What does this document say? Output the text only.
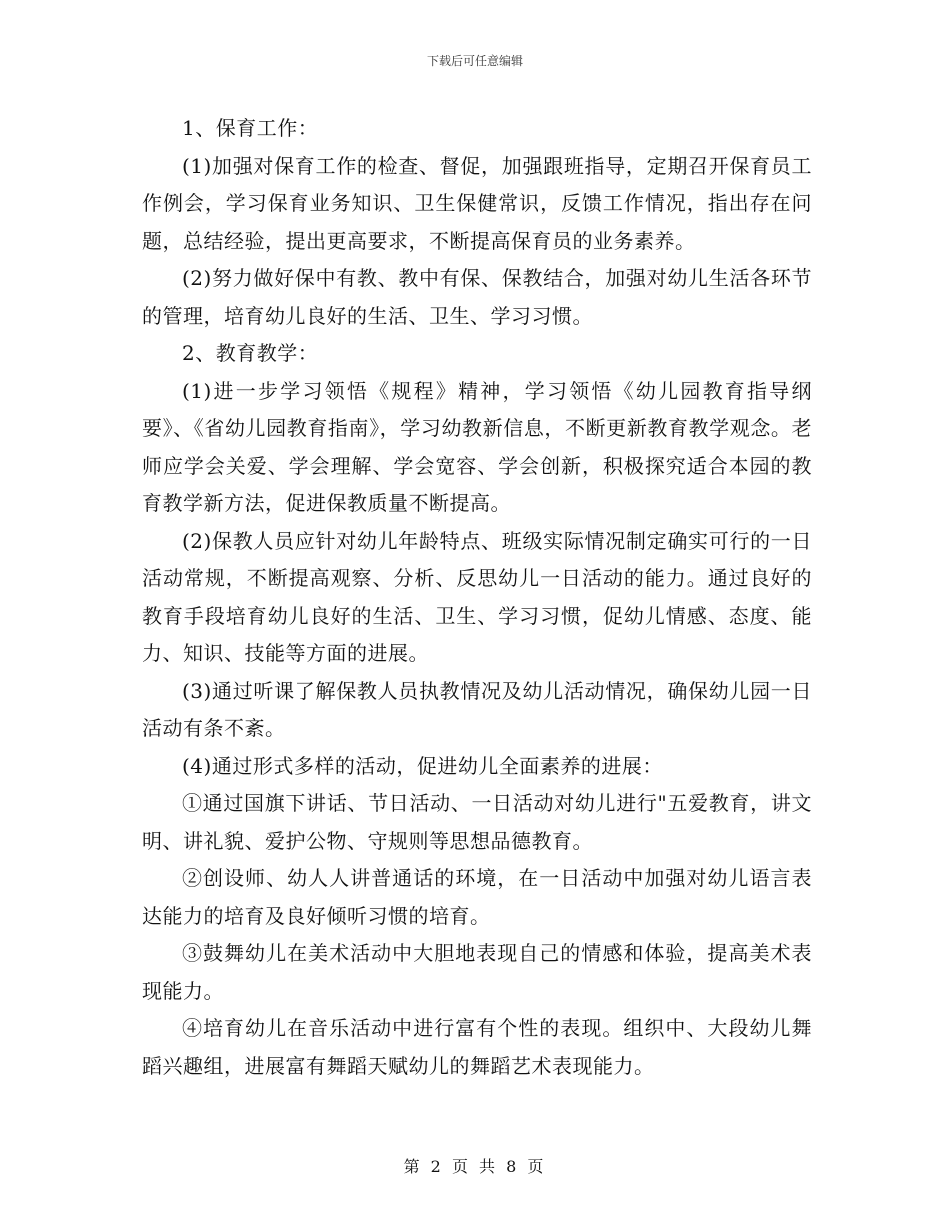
下载后可任意编辑

1、保育工作：

(1)加强对保育工作的检查、督促，加强跟班指导，定期召开保育员工作例会，学习保育业务知识、卫生保健常识，反馈工作情况，指出存在问题，总结经验，提出更高要求，不断提高保育员的业务素养。

(2)努力做好保中有教、教中有保、保教结合，加强对幼儿生活各环节的管理，培育幼儿良好的生活、卫生、学习习惯。

2、教育教学：

(1)进一步学习领悟《规程》精神，学习领悟《幼儿园教育指导纲要》、《省幼儿园教育指南》，学习幼教新信息，不断更新教育教学观念。老师应学会关爱、学会理解、学会宽容、学会创新，积极探究适合本园的教育教学新方法，促进保教质量不断提高。

(2)保教人员应针对幼儿年龄特点、班级实际情况制定确实可行的一日活动常规，不断提高观察、分析、反思幼儿一日活动的能力。通过良好的教育手段培育幼儿良好的生活、卫生、学习习惯，促幼儿情感、态度、能力、知识、技能等方面的进展。

(3)通过听课了解保教人员执教情况及幼儿活动情况，确保幼儿园一日活动有条不紊。

(4)通过形式多样的活动，促进幼儿全面素养的进展：

①通过国旗下讲话、节日活动、一日活动对幼儿进行"五爱教育，讲文明、讲礼貌、爱护公物、守规则等思想品德教育。

②创设师、幼人人讲普通话的环境，在一日活动中加强对幼儿语言表达能力的培育及良好倾听习惯的培育。

③鼓舞幼儿在美术活动中大胆地表现自己的情感和体验，提高美术表现能力。

④培育幼儿在音乐活动中进行富有个性的表现。组织中、大段幼儿舞蹈兴趣组，进展富有舞蹈天赋幼儿的舞蹈艺术表现能力。

第 2 页 共 8 页
